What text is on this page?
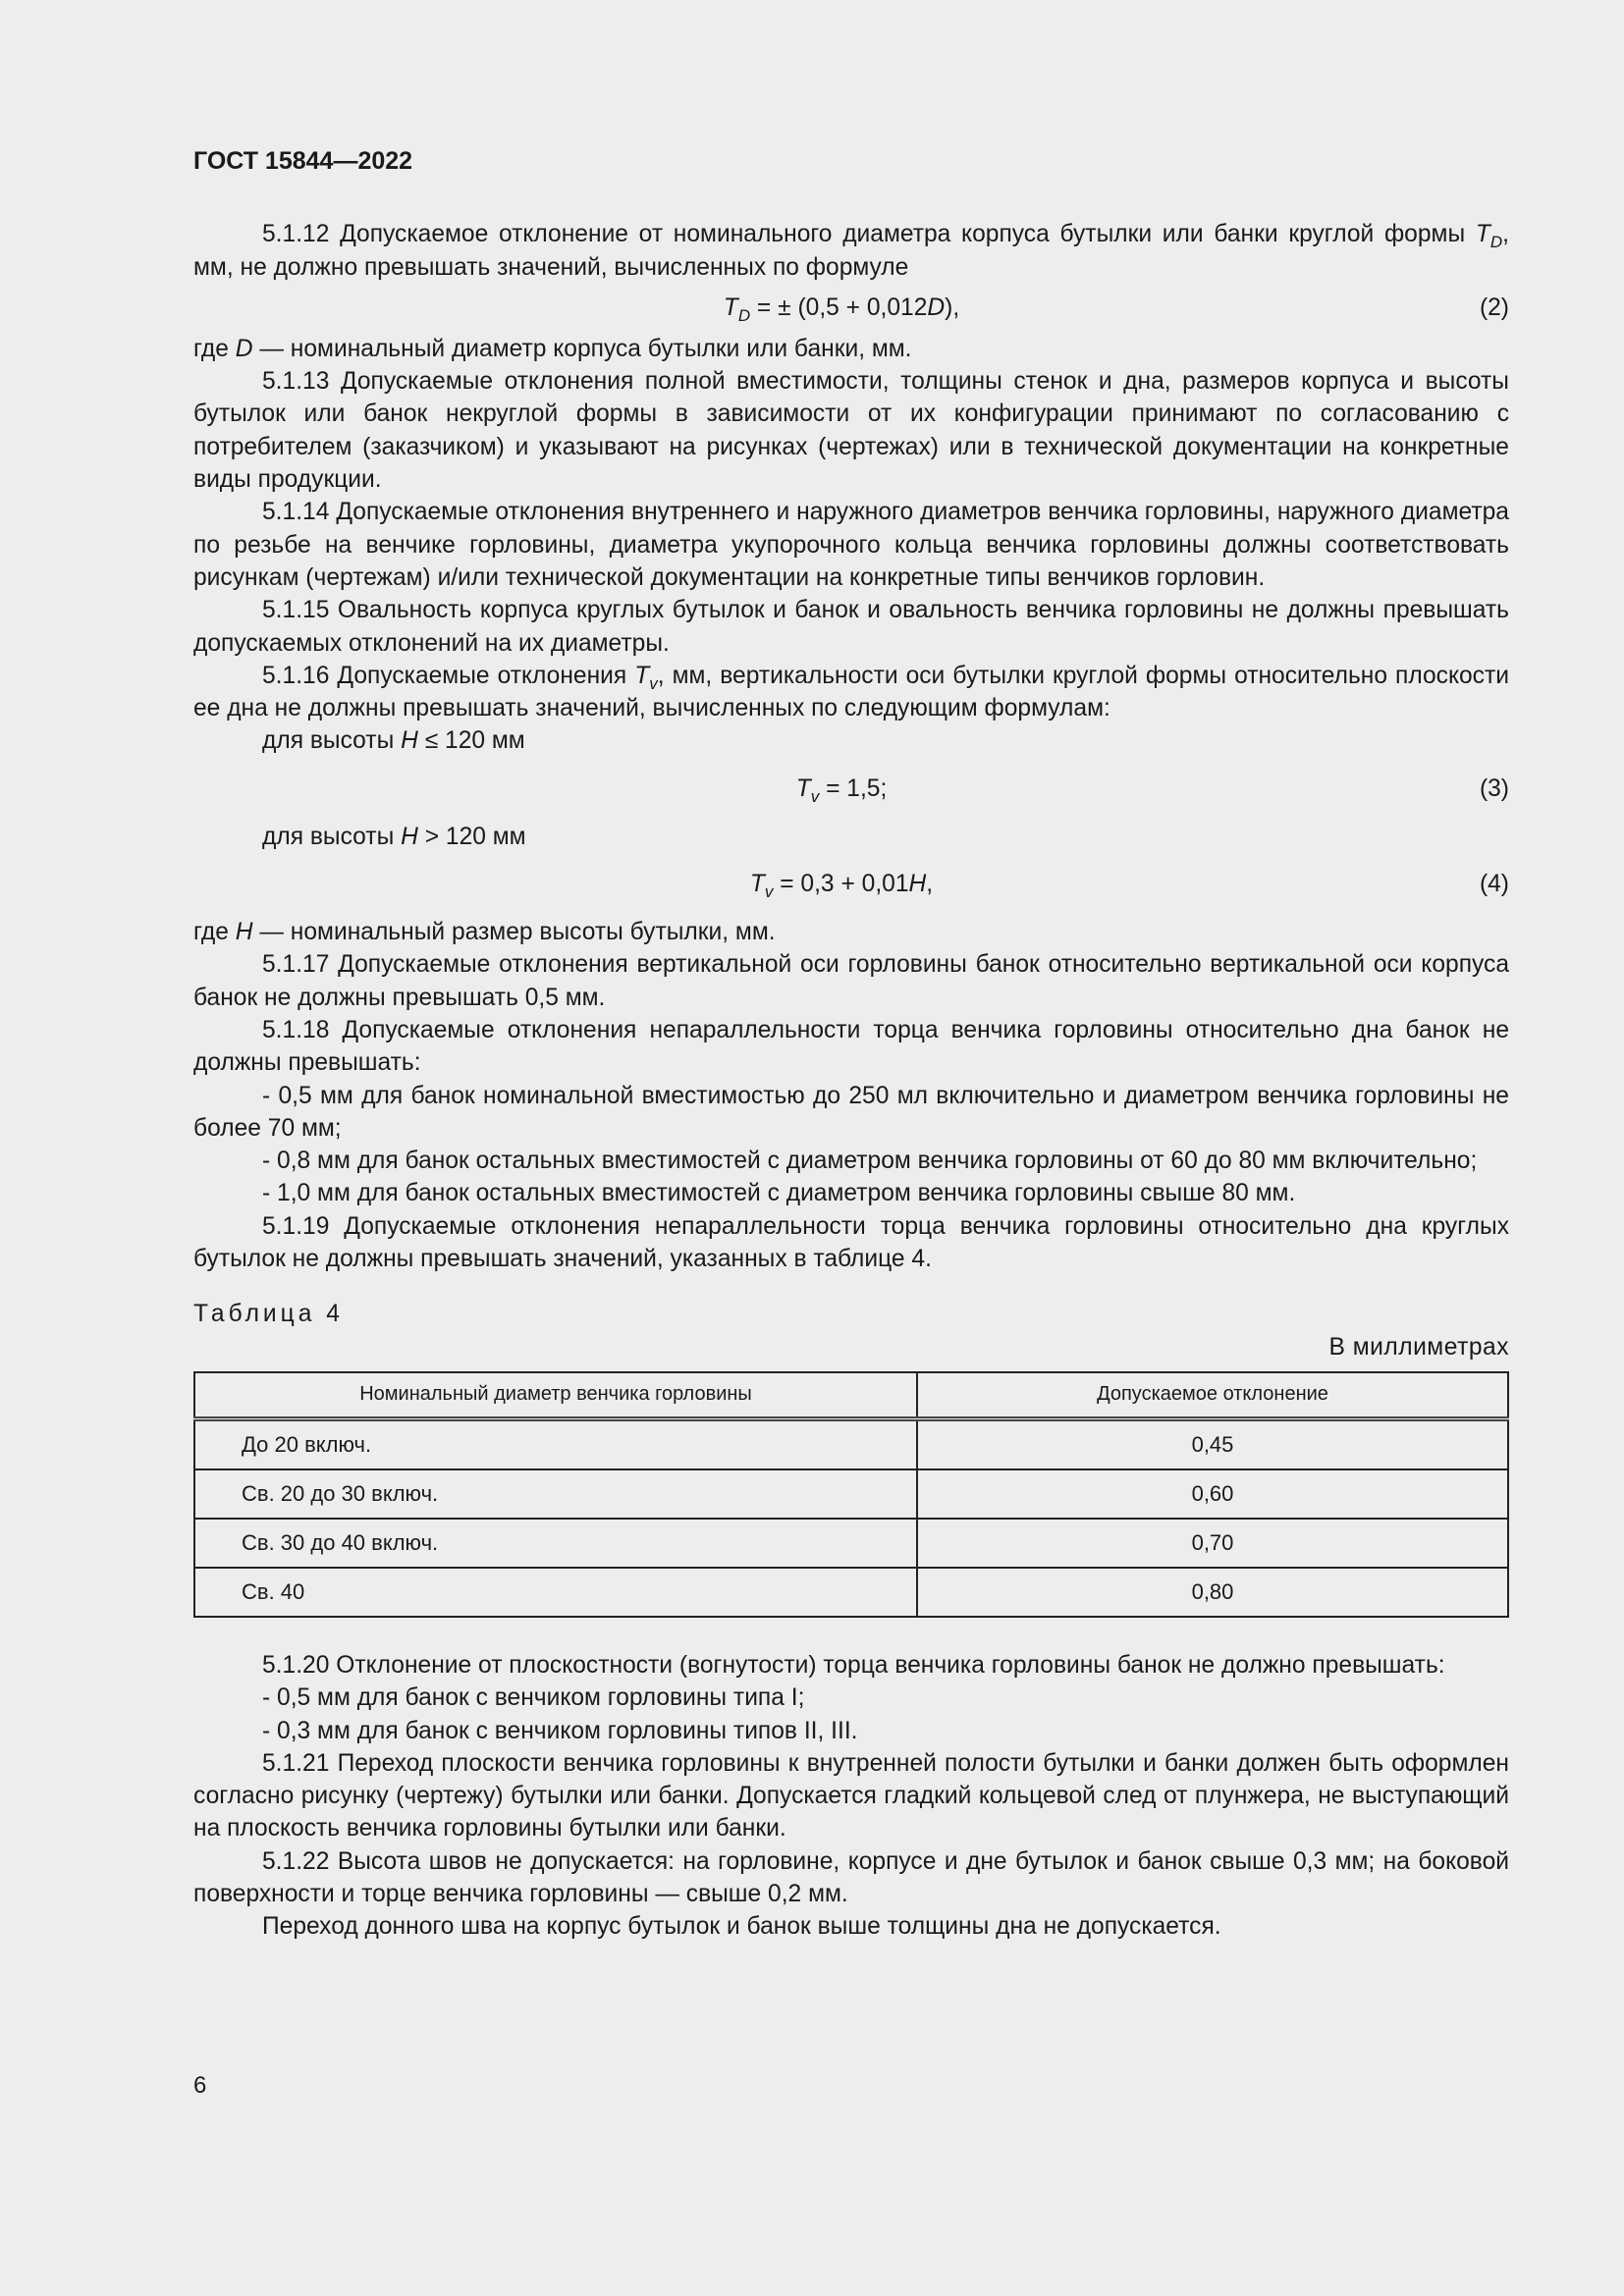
ГОСТ 15844—2022

5.1.12 Допускаемое отклонение от номинального диаметра корпуса бутылки или банки круглой формы $T_D$, мм, не должно превышать значений, вычисленных по формуле

$T_D$ = ± (0,5 + 0,012D),	(2)

где D — номинальный диаметр корпуса бутылки или банки, мм.

5.1.13 Допускаемые отклонения полной вместимости, толщины стенок и дна, размеров корпуса и высоты бутылок или банок некруглой формы в зависимости от их конфигурации принимают по согласованию с потребителем (заказчиком) и указывают на рисунках (чертежах) или в технической документации на конкретные виды продукции.

5.1.14 Допускаемые отклонения внутреннего и наружного диаметров венчика горловины, наружного диаметра по резьбе на венчике горловины, диаметра укупорочного кольца венчика горловины должны соответствовать рисункам (чертежам) и/или технической документации на конкретные типы венчиков горловин.

5.1.15 Овальность корпуса круглых бутылок и банок и овальность венчика горловины не должны превышать допускаемых отклонений на их диаметры.

5.1.16 Допускаемые отклонения $T_v$, мм, вертикальности оси бутылки круглой формы относительно плоскости ее дна не должны превышать значений, вычисленных по следующим формулам:

для высоты H ≤ 120 мм

$T_v = 1,5$;	(3)

для высоты H > 120 мм

$T_v = 0,3 + 0,01H$,	(4)

где H — номинальный размер высоты бутылки, мм.

5.1.17 Допускаемые отклонения вертикальной оси горловины банок относительно вертикальной оси корпуса банок не должны превышать 0,5 мм.

5.1.18 Допускаемые отклонения непараллельности торца венчика горловины относительно дна банок не должны превышать:

- 0,5 мм для банок номинальной вместимостью до 250 мл включительно и диаметром венчика горловины не более 70 мм;

- 0,8 мм для банок остальных вместимостей с диаметром венчика горловины от 60 до 80 мм включительно;

- 1,0 мм для банок остальных вместимостей с диаметром венчика горловины свыше 80 мм.

5.1.19 Допускаемые отклонения непараллельности торца венчика горловины относительно дна круглых бутылок не должны превышать значений, указанных в таблице 4.

Таблица 4
В миллиметрах
Номинальный диаметр венчика горловины	Допускаемое отклонение
До 20 включ.	0,45
Св. 20 до 30 включ.	0,60
Св. 30 до 40 включ.	0,70
Св. 40	0,80

5.1.20 Отклонение от плоскостности (вогнутости) торца венчика горловины банок не должно превышать:

- 0,5 мм для банок с венчиком горловины типа I;

- 0,3 мм для банок с венчиком горловины типов II, III.

5.1.21 Переход плоскости венчика горловины к внутренней полости бутылки и банки должен быть оформлен согласно рисунку (чертежу) бутылки или банки. Допускается гладкий кольцевой след от плунжера, не выступающий на плоскость венчика горловины бутылки или банки.

5.1.22 Высота швов не допускается: на горловине, корпусе и дне бутылок и банок свыше 0,3 мм; на боковой поверхности и торце венчика горловины — свыше 0,2 мм.

Переход донного шва на корпус бутылок и банок выше толщины дна не допускается.

6
